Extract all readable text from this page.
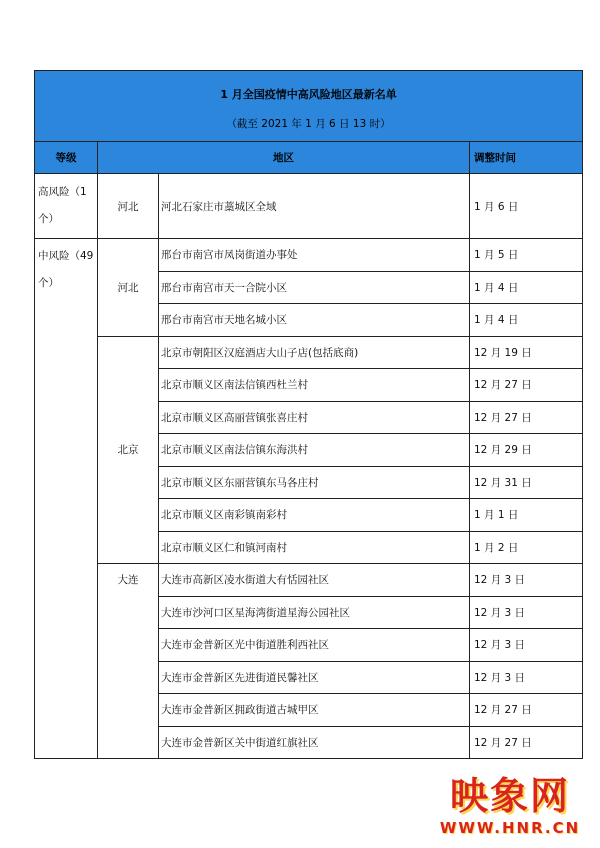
1 月全国疫情中高风险地区最新名单
（截至 2021 年 1 月 6 日 13 时）			

等级	地区		调整时间
高风险（1 个）	河北	河北石家庄市藁城区全域	1 月 6 日
中风险（49 个）	河北	邢台市南宫市凤岗街道办事处	1 月 5 日
		邢台市南宫市天一合院小区	1 月 4 日
		邢台市南宫市天地名城小区	1 月 4 日
	北京	北京市朝阳区汉庭酒店大山子店(包括底商)	12 月 19 日
		北京市顺义区南法信镇西杜兰村	12 月 27 日
		北京市顺义区高丽营镇张喜庄村	12 月 27 日
		北京市顺义区南法信镇东海洪村	12 月 29 日
		北京市顺义区东丽营镇东马各庄村	12 月 31 日
		北京市顺义区南彩镇南彩村	1 月 1 日
		北京市顺义区仁和镇河南村	1 月 2 日
	大连	大连市高新区凌水街道大有恬园社区	12 月 3 日
		大连市沙河口区星海湾街道星海公园社区	12 月 3 日
		大连市金普新区光中街道胜利西社区	12 月 3 日
		大连市金普新区先进街道民馨社区	12 月 3 日
		大连市金普新区拥政街道古城甲区	12 月 27 日
		大连市金普新区关中街道红旗社区	12 月 27 日
映象网
WWW.HNR.CN
